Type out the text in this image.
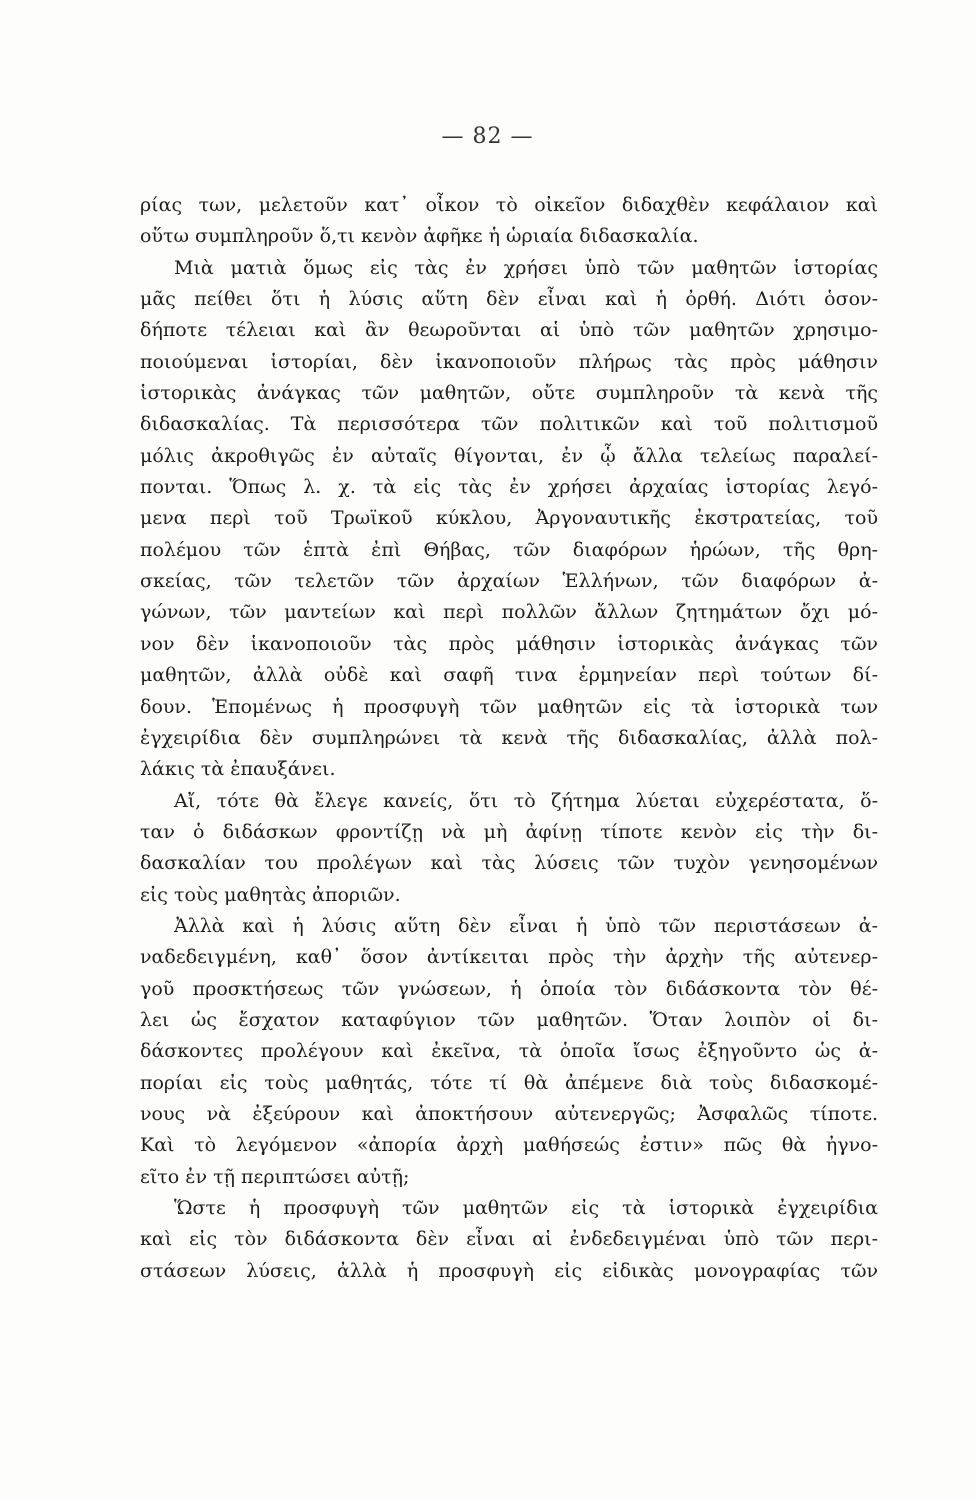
— 82 —
ρίας των, μελετοῦν κατ᾿ οἶκον τὸ οἰκεῖον διδαχθὲν κεφάλαιον καὶ
οὕτω συμπληροῦν ὅ,τι κενὸν ἀφῆκε ἡ ὡριαία διδασκαλία.
Μιὰ ματιὰ ὅμως εἰς τὰς ἐν χρήσει ὑπὸ τῶν μαθητῶν ἱστορίας
μᾶς πείθει ὅτι ἡ λύσις αὕτη δὲν εἶναι καὶ ἡ ὀρθή. Διότι ὁσον-
δήποτε τέλειαι καὶ ἂν θεωροῦνται αἱ ὑπὸ τῶν μαθητῶν χρησιμο-
ποιούμεναι ἱστορίαι, δὲν ἱκανοποιοῦν πλήρως τὰς πρὸς μάθησιν
ἱστορικὰς ἀνάγκας τῶν μαθητῶν, οὔτε συμπληροῦν τὰ κενὰ τῆς
διδασκαλίας. Τὰ περισσότερα τῶν πολιτικῶν καὶ τοῦ πολιτισμοῦ
μόλις ἀκροθιγῶς ἐν αὐταῖς θίγονται, ἐν ᾧ ἄλλα τελείως παραλεί-
πονται. Ὅπως λ. χ. τὰ εἰς τὰς ἐν χρήσει ἀρχαίας ἱστορίας λεγό-
μενα περὶ τοῦ Τρωϊκοῦ κύκλου, Ἀργοναυτικῆς ἐκστρατείας, τοῦ
πολέμου τῶν ἑπτὰ ἐπὶ Θήβας, τῶν διαφόρων ἡρώων, τῆς θρη-
σκείας, τῶν τελετῶν τῶν ἀρχαίων Ἑλλήνων, τῶν διαφόρων ἀ-
γώνων, τῶν μαντείων καὶ περὶ πολλῶν ἄλλων ζητημάτων ὄχι μό-
νον δὲν ἱκανοποιοῦν τὰς πρὸς μάθησιν ἱστορικὰς ἀνάγκας τῶν
μαθητῶν, ἀλλὰ οὐδὲ καὶ σαφῆ τινα ἑρμηνείαν περὶ τούτων δί-
δουν. Ἑπομένως ἡ προσφυγὴ τῶν μαθητῶν εἰς τὰ ἱστορικὰ των
ἐγχειρίδια δὲν συμπληρώνει τὰ κενὰ τῆς διδασκαλίας, ἀλλὰ πολ-
λάκις τὰ ἐπαυξάνει.
Αἴ, τότε θὰ ἔλεγε κανείς, ὅτι τὸ ζήτημα λύεται εὐχερέστατα, ὅ-
ταν ὁ διδάσκων φροντίζῃ νὰ μὴ ἀφίνῃ τίποτε κενὸν εἰς τὴν δι-
δασκαλίαν του προλέγων καὶ τὰς λύσεις τῶν τυχὸν γενησομένων
εἰς τοὺς μαθητὰς ἀποριῶν.
Ἀλλὰ καὶ ἡ λύσις αὕτη δὲν εἶναι ἡ ὑπὸ τῶν περιστάσεων ἀ-
ναδεδειγμένη, καθ᾿ ὅσον ἀντίκειται πρὸς τὴν ἀρχὴν τῆς αὐτενερ-
γοῦ προσκτήσεως τῶν γνώσεων, ἡ ὁποία τὸν διδάσκοντα τὸν θέ-
λει ὡς ἔσχατον καταφύγιον τῶν μαθητῶν. Ὅταν λοιπὸν οἱ δι-
δάσκοντες προλέγουν καὶ ἐκεῖνα, τὰ ὁποῖα ἴσως ἐξηγοῦντο ὡς ἀ-
πορίαι εἰς τοὺς μαθητάς, τότε τί θὰ ἀπέμενε διὰ τοὺς διδασκομέ-
νους νὰ ἐξεύρουν καὶ ἀποκτήσουν αὐτενεργῶς; Ἀσφαλῶς τίποτε.
Καὶ τὸ λεγόμενον «ἀπορία ἀρχὴ μαθήσεώς ἐστιν» πῶς θὰ ἠγνο-
εῖτο ἐν τῇ περιπτώσει αὐτῇ;
Ὥστε ἡ προσφυγὴ τῶν μαθητῶν εἰς τὰ ἱστορικὰ ἐγχειρίδια
καὶ εἰς τὸν διδάσκοντα δὲν εἶναι αἱ ἐνδεδειγμέναι ὑπὸ τῶν περι-
στάσεων λύσεις, ἀλλὰ ἡ προσφυγὴ εἰς εἰδικὰς μονογραφίας τῶν
